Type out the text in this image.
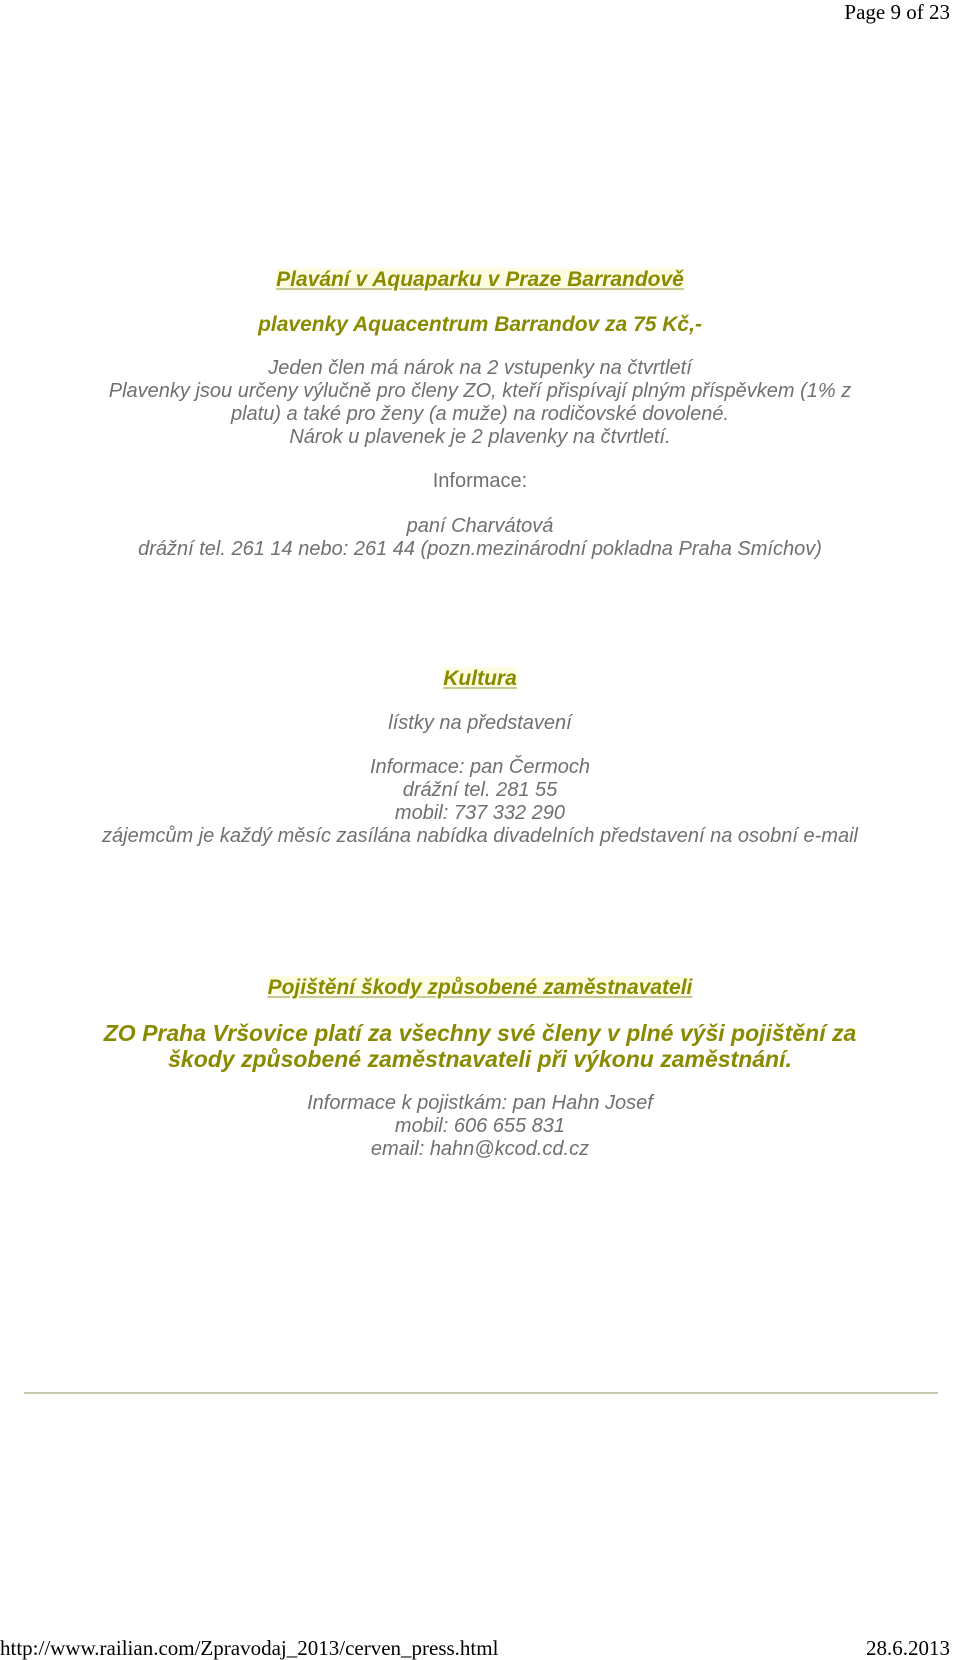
Page 9 of 23
Plavání v Aquaparku v Praze Barrandově
plavenky Aquacentrum Barrandov za 75 Kč,-
Jeden člen má nárok na 2 vstupenky na čtvrtletí
Plavenky jsou určeny výlučně pro členy ZO, kteří přispívají plným příspěvkem (1% z
platu) a také pro ženy (a muže) na rodičovské dovolené.
Nárok u plavenek je 2 plavenky na čtvrtletí.
Informace:
paní Charvátová
drážní tel. 261 14 nebo: 261 44 (pozn.mezinárodní pokladna Praha Smíchov)
Kultura
lístky na představení
Informace: pan Čermoch
drážní tel. 281 55
mobil: 737 332 290
zájemcům je každý měsíc zasílána nabídka divadelních představení na osobní e-mail
Pojištění škody způsobené zaměstnavateli
ZO Praha Vršovice platí za všechny své členy v plné výši pojištění za
škody způsobené zaměstnavateli při výkonu zaměstnání.
Informace k pojistkám: pan Hahn Josef
mobil: 606 655 831
email: hahn@kcod.cd.cz
http://www.railian.com/Zpravodaj_2013/cerven_press.html	28.6.2013
